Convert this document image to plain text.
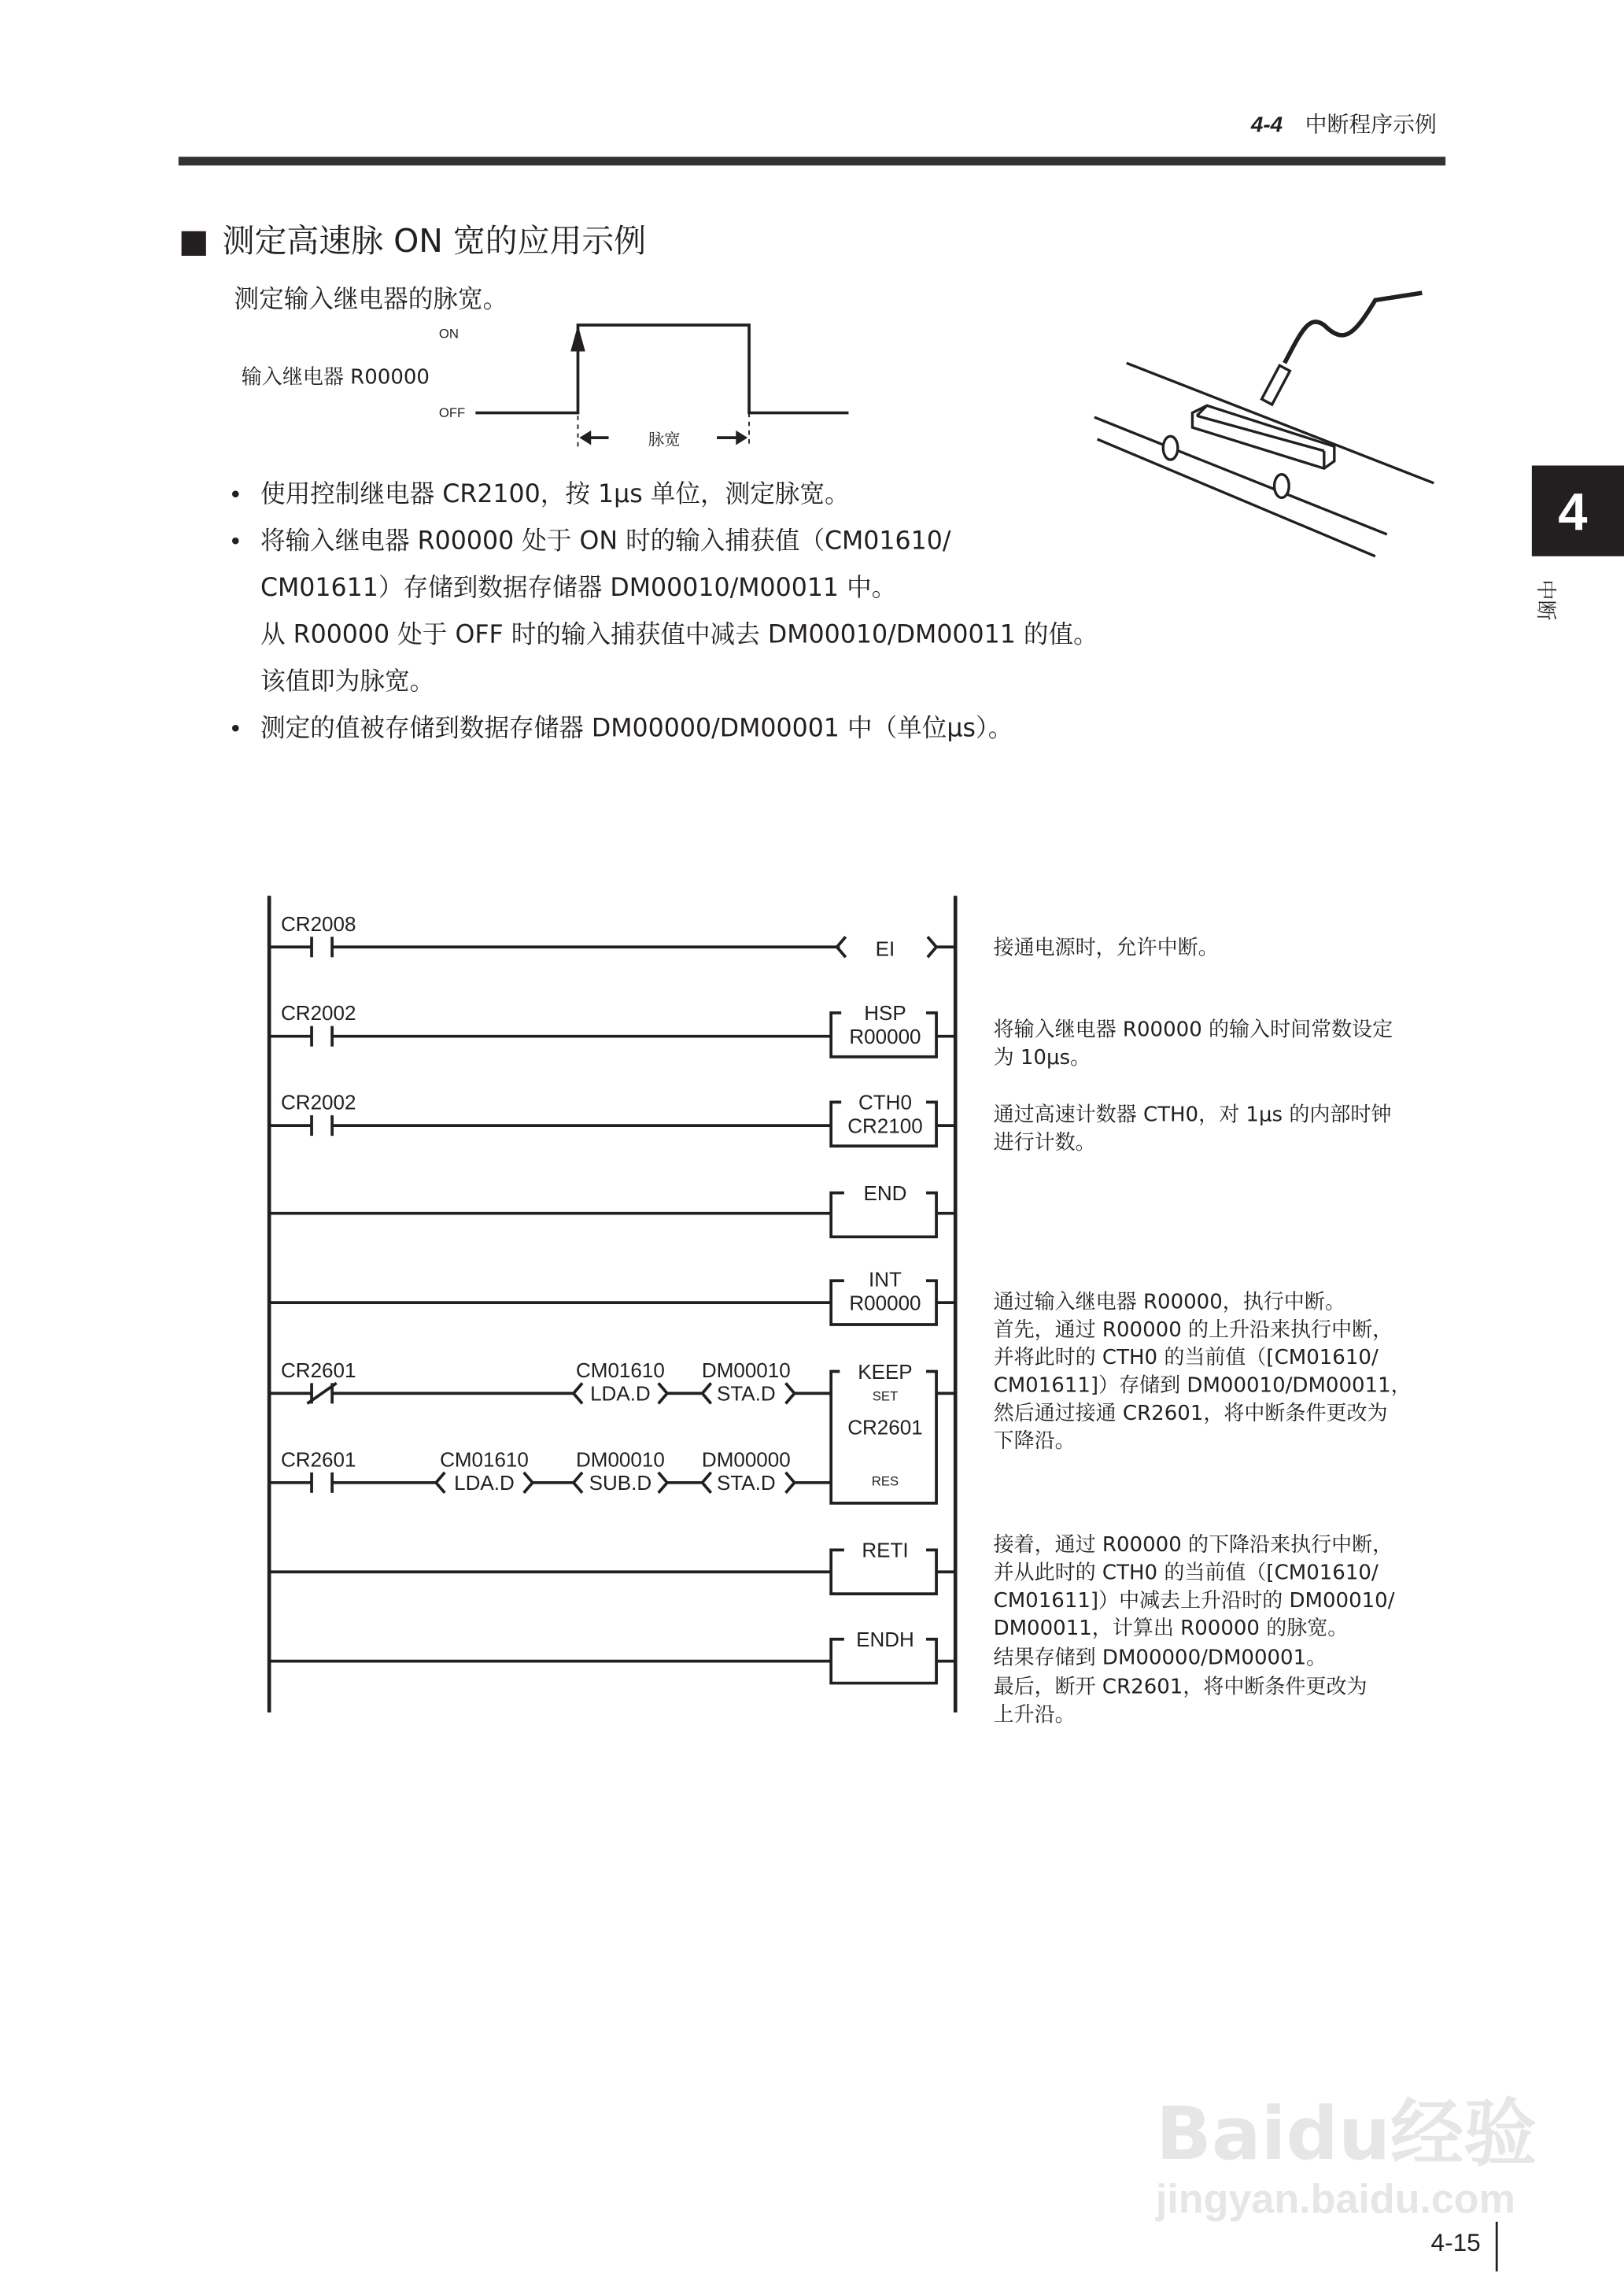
4-4 中断程序示例
4
中断
■ 测定高速脉 ON 宽的应用示例
测定输入继电器的脉宽。
ON
OFF
输入继电器 R00000
脉宽
• 使用控制继电器 CR2100，按 1μs 单位，测定脉宽。
• 将输入继电器 R00000 处于 ON 时的输入捕获值（CM01610/
CM01611）存储到数据存储器 DM00010/M00011 中。
从 R00000 处于 OFF 时的输入捕获值中减去 DM00010/DM00011 的值。
该值即为脉宽。
• 测定的值被存储到数据存储器 DM00000/DM00001 中（单位μs）。
CR2008
CR2002
CR2002
CR2601
CR2601
EI
HSP
R00000
CTH0
CR2100
END
INT
R00000
KEEP
SET
CR2601
RES
RETI
ENDH
CM01610
LDA.D
DM00010
STA.D
CM01610
LDA.D
DM00010
SUB.D
DM00000
STA.D
接通电源时，允许中断。
将输入继电器 R00000 的输入时间常数设定
为 10μs。
通过高速计数器 CTH0，对 1μs 的内部时钟
进行计数。
通过输入继电器 R00000，执行中断。
首先，通过 R00000 的上升沿来执行中断，
并将此时的 CTH0 的当前值（[CM01610/
CM01611]）存储到 DM00010/DM00011，
然后通过接通 CR2601，将中断条件更改为
下降沿。
接着，通过 R00000 的下降沿来执行中断，
并从此时的 CTH0 的当前值（[CM01610/
CM01611]）中减去上升沿时的 DM00010/
DM00011，计算出 R00000 的脉宽。
结果存储到 DM00000/DM00001。
最后，断开 CR2601，将中断条件更改为
上升沿。
Baidu经验
jingyan.baidu.com
4-15
